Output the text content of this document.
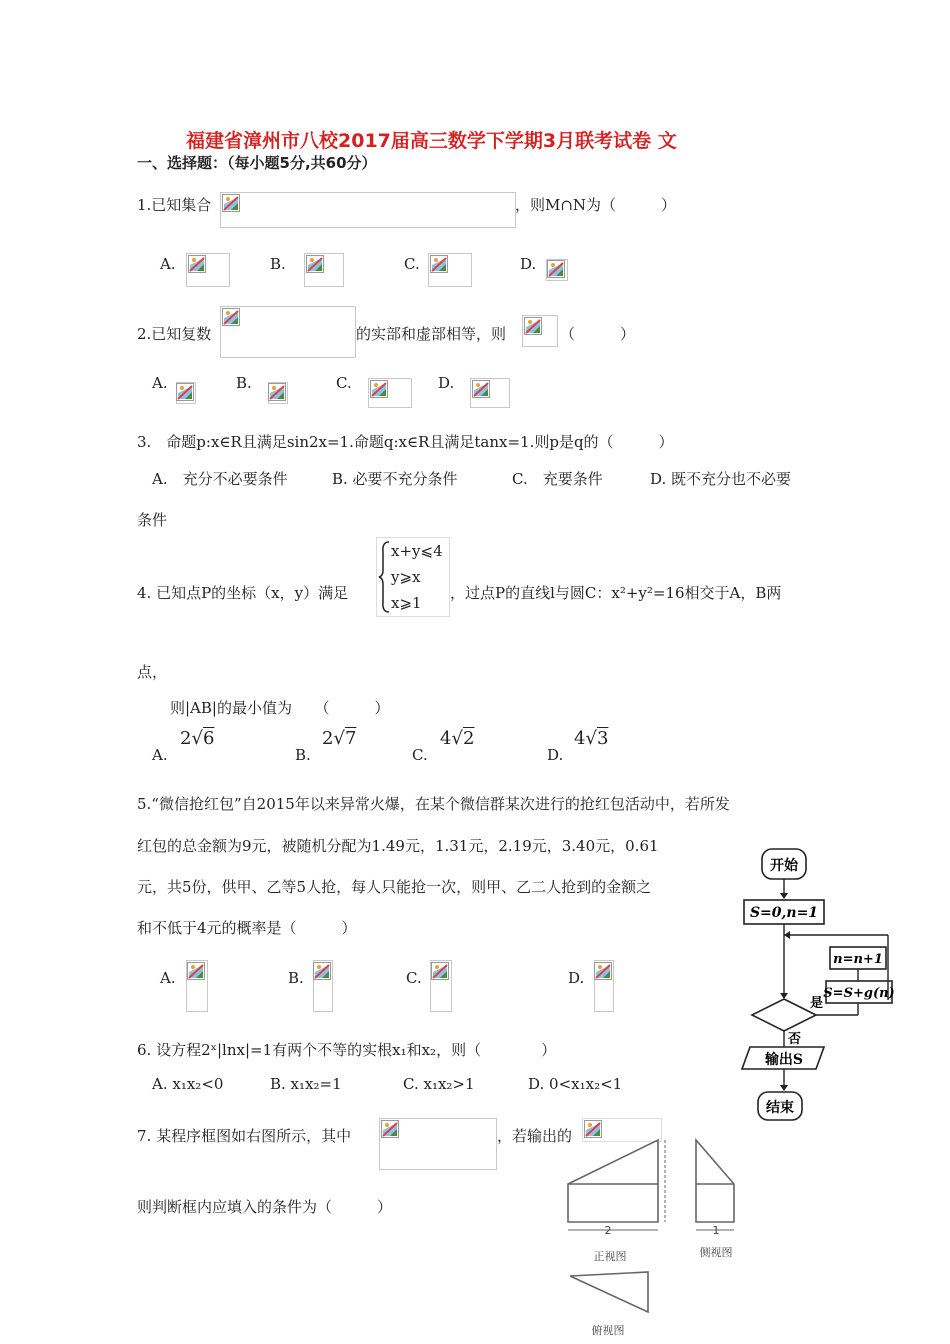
福建省漳州市八校2017届高三数学下学期3月联考试卷 文
一、选择题：（每小题5分,共60分）
1.已知集合	，则M∩N为（　　　）
A.	B.	C.	D.
2.已知复数	的实部和虚部相等，则	（　　　）
A.	B.	C.	D.
3.　命题p:x∈R且满足sin2x=1.命题q:x∈R且满足tanx=1.则p是q的（　　　）
A.　充分不必要条件	B. 必要不充分条件	C.　充要条件	D. 既不充分也不必要
条件
4. 已知点P的坐标（x，y）满足
x+y⩽4
y⩾x
x⩾1
，过点P的直线l与圆C：x²+y²=16相交于A，B两
点，
则|AB|的最小值为　　（　　　）
A.
2√6
B.
2√7
C.
4√2
D.
4√3
5.“微信抢红包”自2015年以来异常火爆，在某个微信群某次进行的抢红包活动中，若所发
红包的总金额为9元，被随机分配为1.49元，1.31元，2.19元，3.40元，0.61
元，共5份，供甲、乙等5人抢，每人只能抢一次，则甲、乙二人抢到的金额之
和不低于4元的概率是（　　　）
A.	B.	C.	D.
开始
S=0,n=1
n=n+1
S=S+g(n)
是
否
输出S
结束
6. 设方程2ˣ|lnx|=1有两个不等的实根x₁和x₂，则（　　　　）
A. x₁x₂<0	B. x₁x₂=1	C. x₁x₂>1	D. 0<x₁x₂<1
7. 某程序框图如右图所示，其中	，若输出的
则判断框内应填入的条件为（　　　）
2
正视图
1
侧视图
俯视图
